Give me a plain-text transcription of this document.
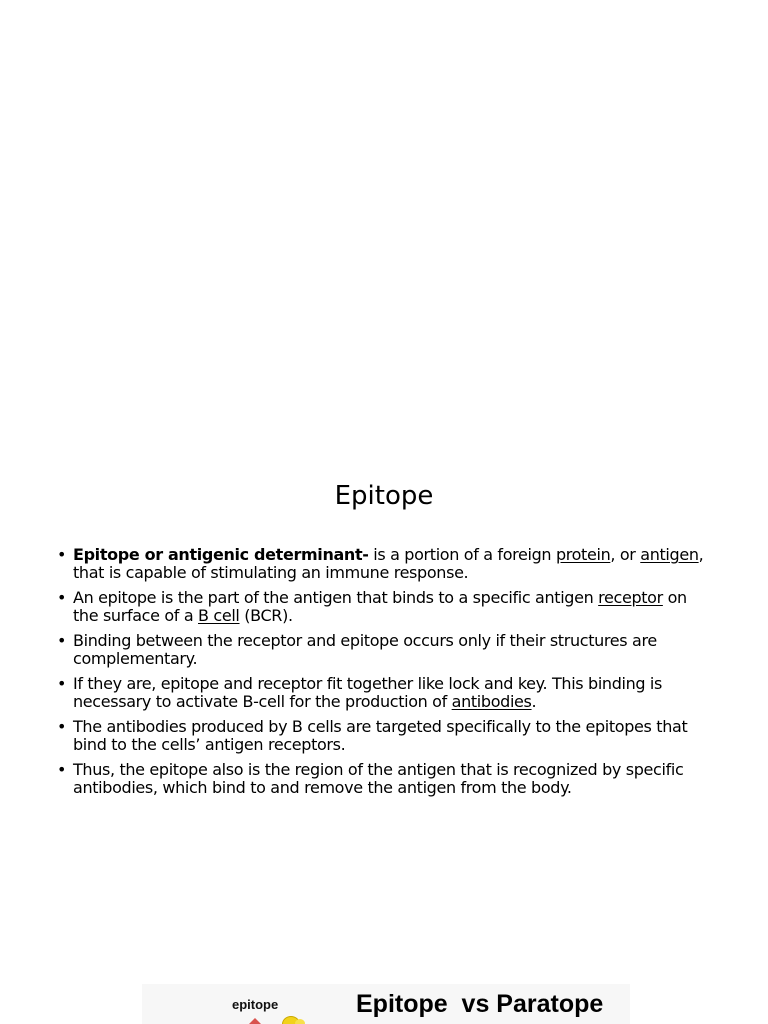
Epitope
• Epitope or antigenic determinant- is a portion of a foreign protein, or antigen, that is capable of stimulating an immune response.
• An epitope is the part of the antigen that binds to a specific antigen receptor on the surface of a B cell (BCR).
• Binding between the receptor and epitope occurs only if their structures are complementary.
• If they are, epitope and receptor fit together like lock and key. This binding is necessary to activate B-cell for the production of antibodies.
• The antibodies produced by B cells are targeted specifically to the epitopes that bind to the cells’ antigen receptors.
• Thus, the epitope also is the region of the antigen that is recognized by specific antibodies, which bind to and remove the antigen from the body.
epitope	Epitope  vs Paratope
